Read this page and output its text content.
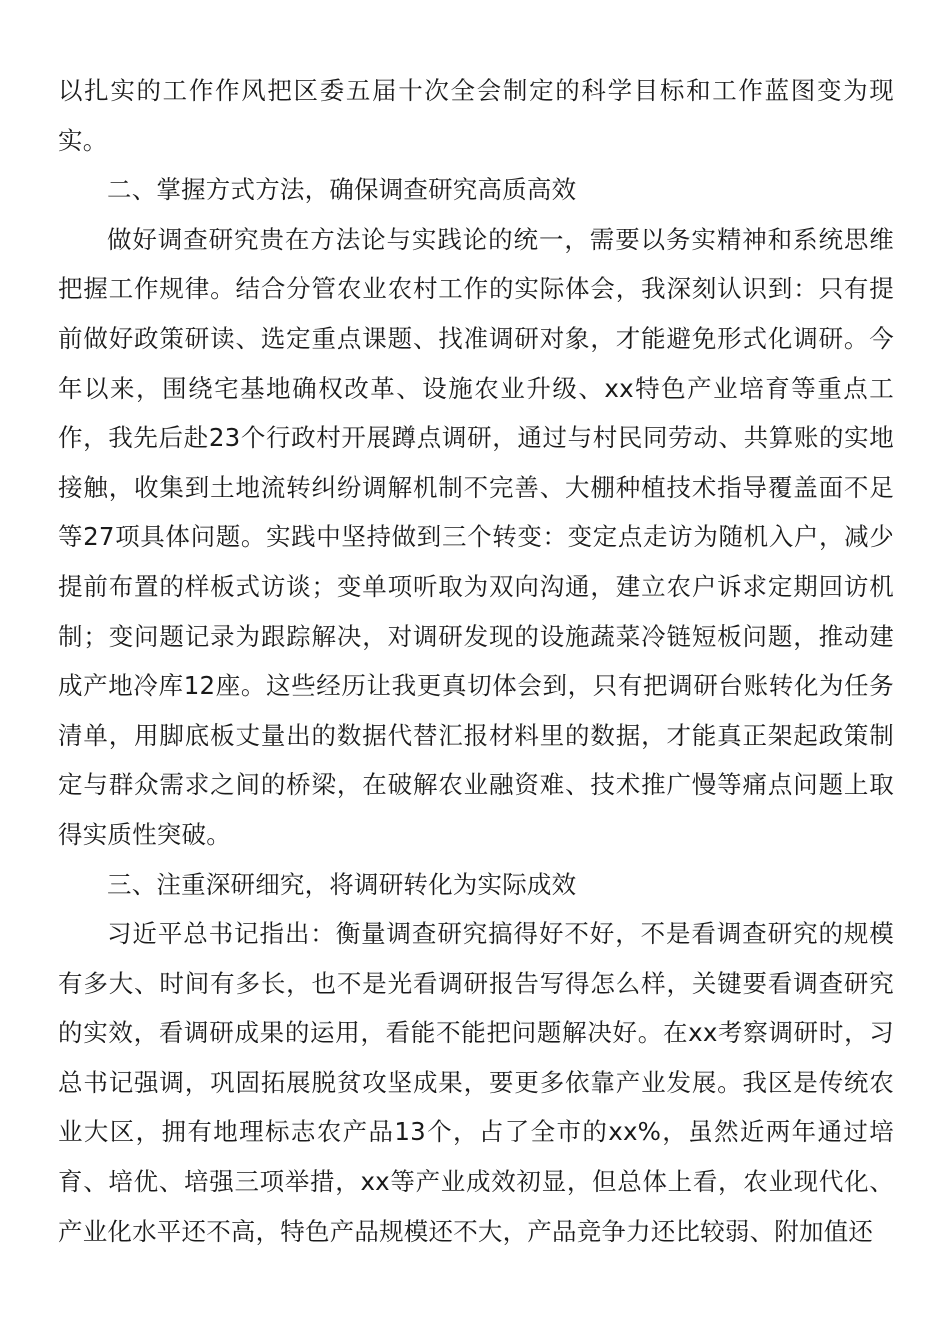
以扎实的工作作风把区委五届十次全会制定的科学目标和工作蓝图变为现实。

二、掌握方式方法，确保调查研究高质高效

做好调查研究贵在方法论与实践论的统一，需要以务实精神和系统思维把握工作规律。结合分管农业农村工作的实际体会，我深刻认识到：只有提前做好政策研读、选定重点课题、找准调研对象，才能避免形式化调研。今年以来，围绕宅基地确权改革、设施农业升级、xx特色产业培育等重点工作，我先后赴23个行政村开展蹲点调研，通过与村民同劳动、共算账的实地接触，收集到土地流转纠纷调解机制不完善、大棚种植技术指导覆盖面不足等27项具体问题。实践中坚持做到三个转变：变定点走访为随机入户，减少提前布置的样板式访谈；变单项听取为双向沟通，建立农户诉求定期回访机制；变问题记录为跟踪解决，对调研发现的设施蔬菜冷链短板问题，推动建成产地冷库12座。这些经历让我更真切体会到，只有把调研台账转化为任务清单，用脚底板丈量出的数据代替汇报材料里的数据，才能真正架起政策制定与群众需求之间的桥梁，在破解农业融资难、技术推广慢等痛点问题上取得实质性突破。

三、注重深研细究，将调研转化为实际成效

习近平总书记指出：衡量调查研究搞得好不好，不是看调查研究的规模有多大、时间有多长，也不是光看调研报告写得怎么样，关键要看调查研究的实效，看调研成果的运用，看能不能把问题解决好。在xx考察调研时，习总书记强调，巩固拓展脱贫攻坚成果，要更多依靠产业发展。我区是传统农业大区，拥有地理标志农产品13个，占了全市的xx%，虽然近两年通过培育、培优、培强三项举措，xx等产业成效初显，但总体上看，农业现代化、产业化水平还不高，特色产品规模还不大，产品竞争力还比较弱、附加值还
